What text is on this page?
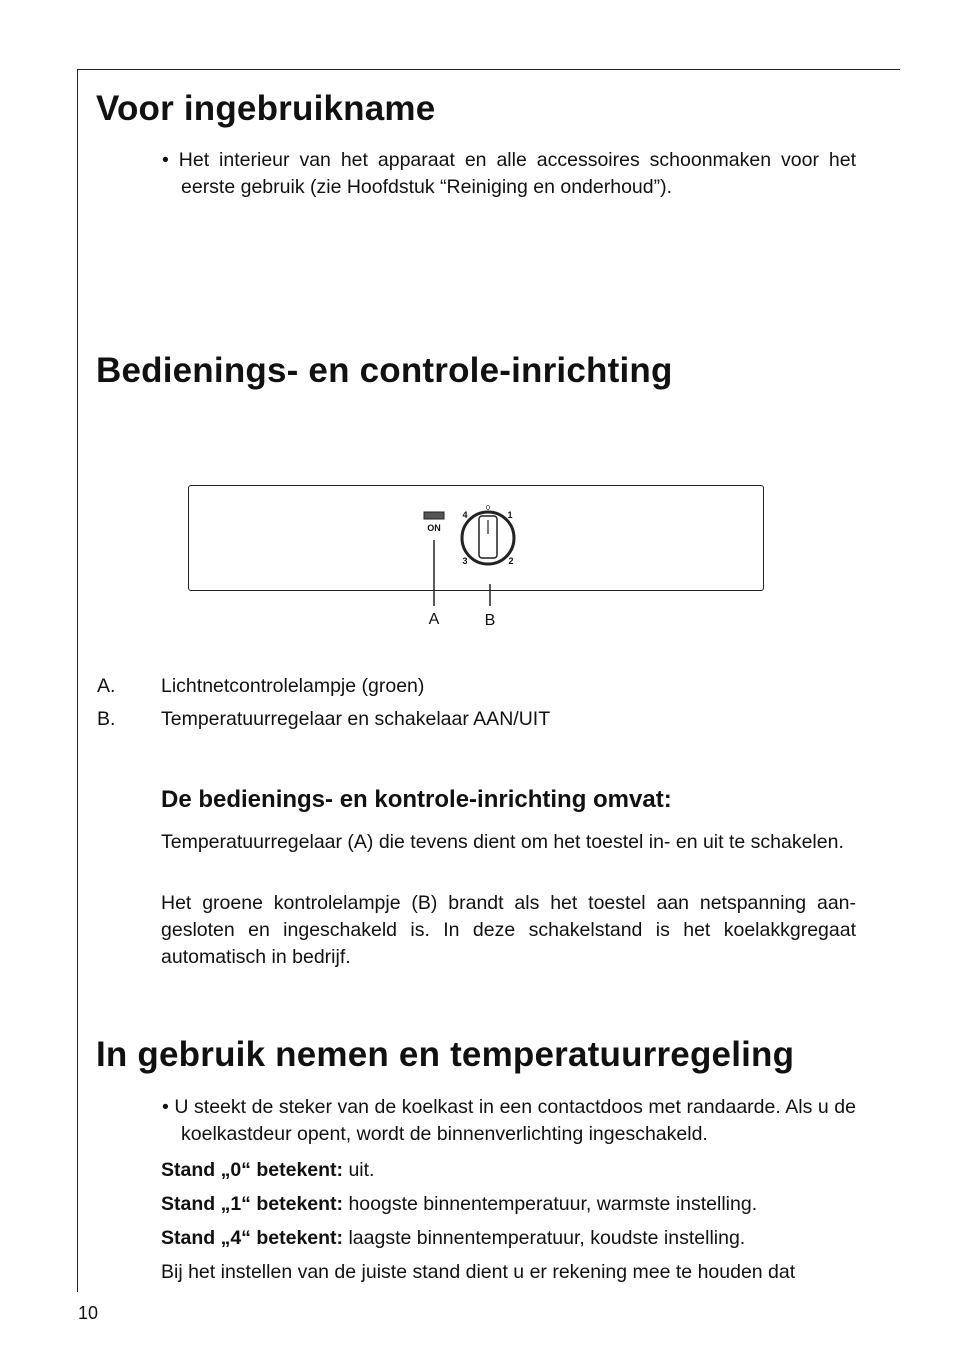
Voor ingebruikname
• Het interieur van het apparaat en alle accessoires schoonmaken voor het eerste gebruik (zie Hoofdstuk “Reiniging en onderhoud”).
Bedienings- en controle-inrichting
ON
0
1
2
3
4
A	B
A. Lichtnetcontrolelampje (groen)
B. Temperatuurregelaar en schakelaar AAN/UIT
De bedienings- en kontrole-inrichting omvat:
Temperatuurregelaar (A) die tevens dient om het toestel in- en uit te schakelen.
Het groene kontrolelampje (B) brandt als het toestel aan netspanning aan-gesloten en ingeschakeld is. In deze schakelstand is het koelakkgregaat automatisch in bedrijf.
In gebruik nemen en temperatuurregeling
• U steekt de steker van de koelkast in een contactdoos met randaarde. Als u de koelkastdeur opent, wordt de binnenverlichting ingeschakeld.
Stand „0“ betekent: uit.
Stand „1“ betekent: hoogste binnentemperatuur, warmste instelling.
Stand „4“ betekent: laagste binnentemperatuur, koudste instelling.
Bij het instellen van de juiste stand dient u er rekening mee te houden dat
10
